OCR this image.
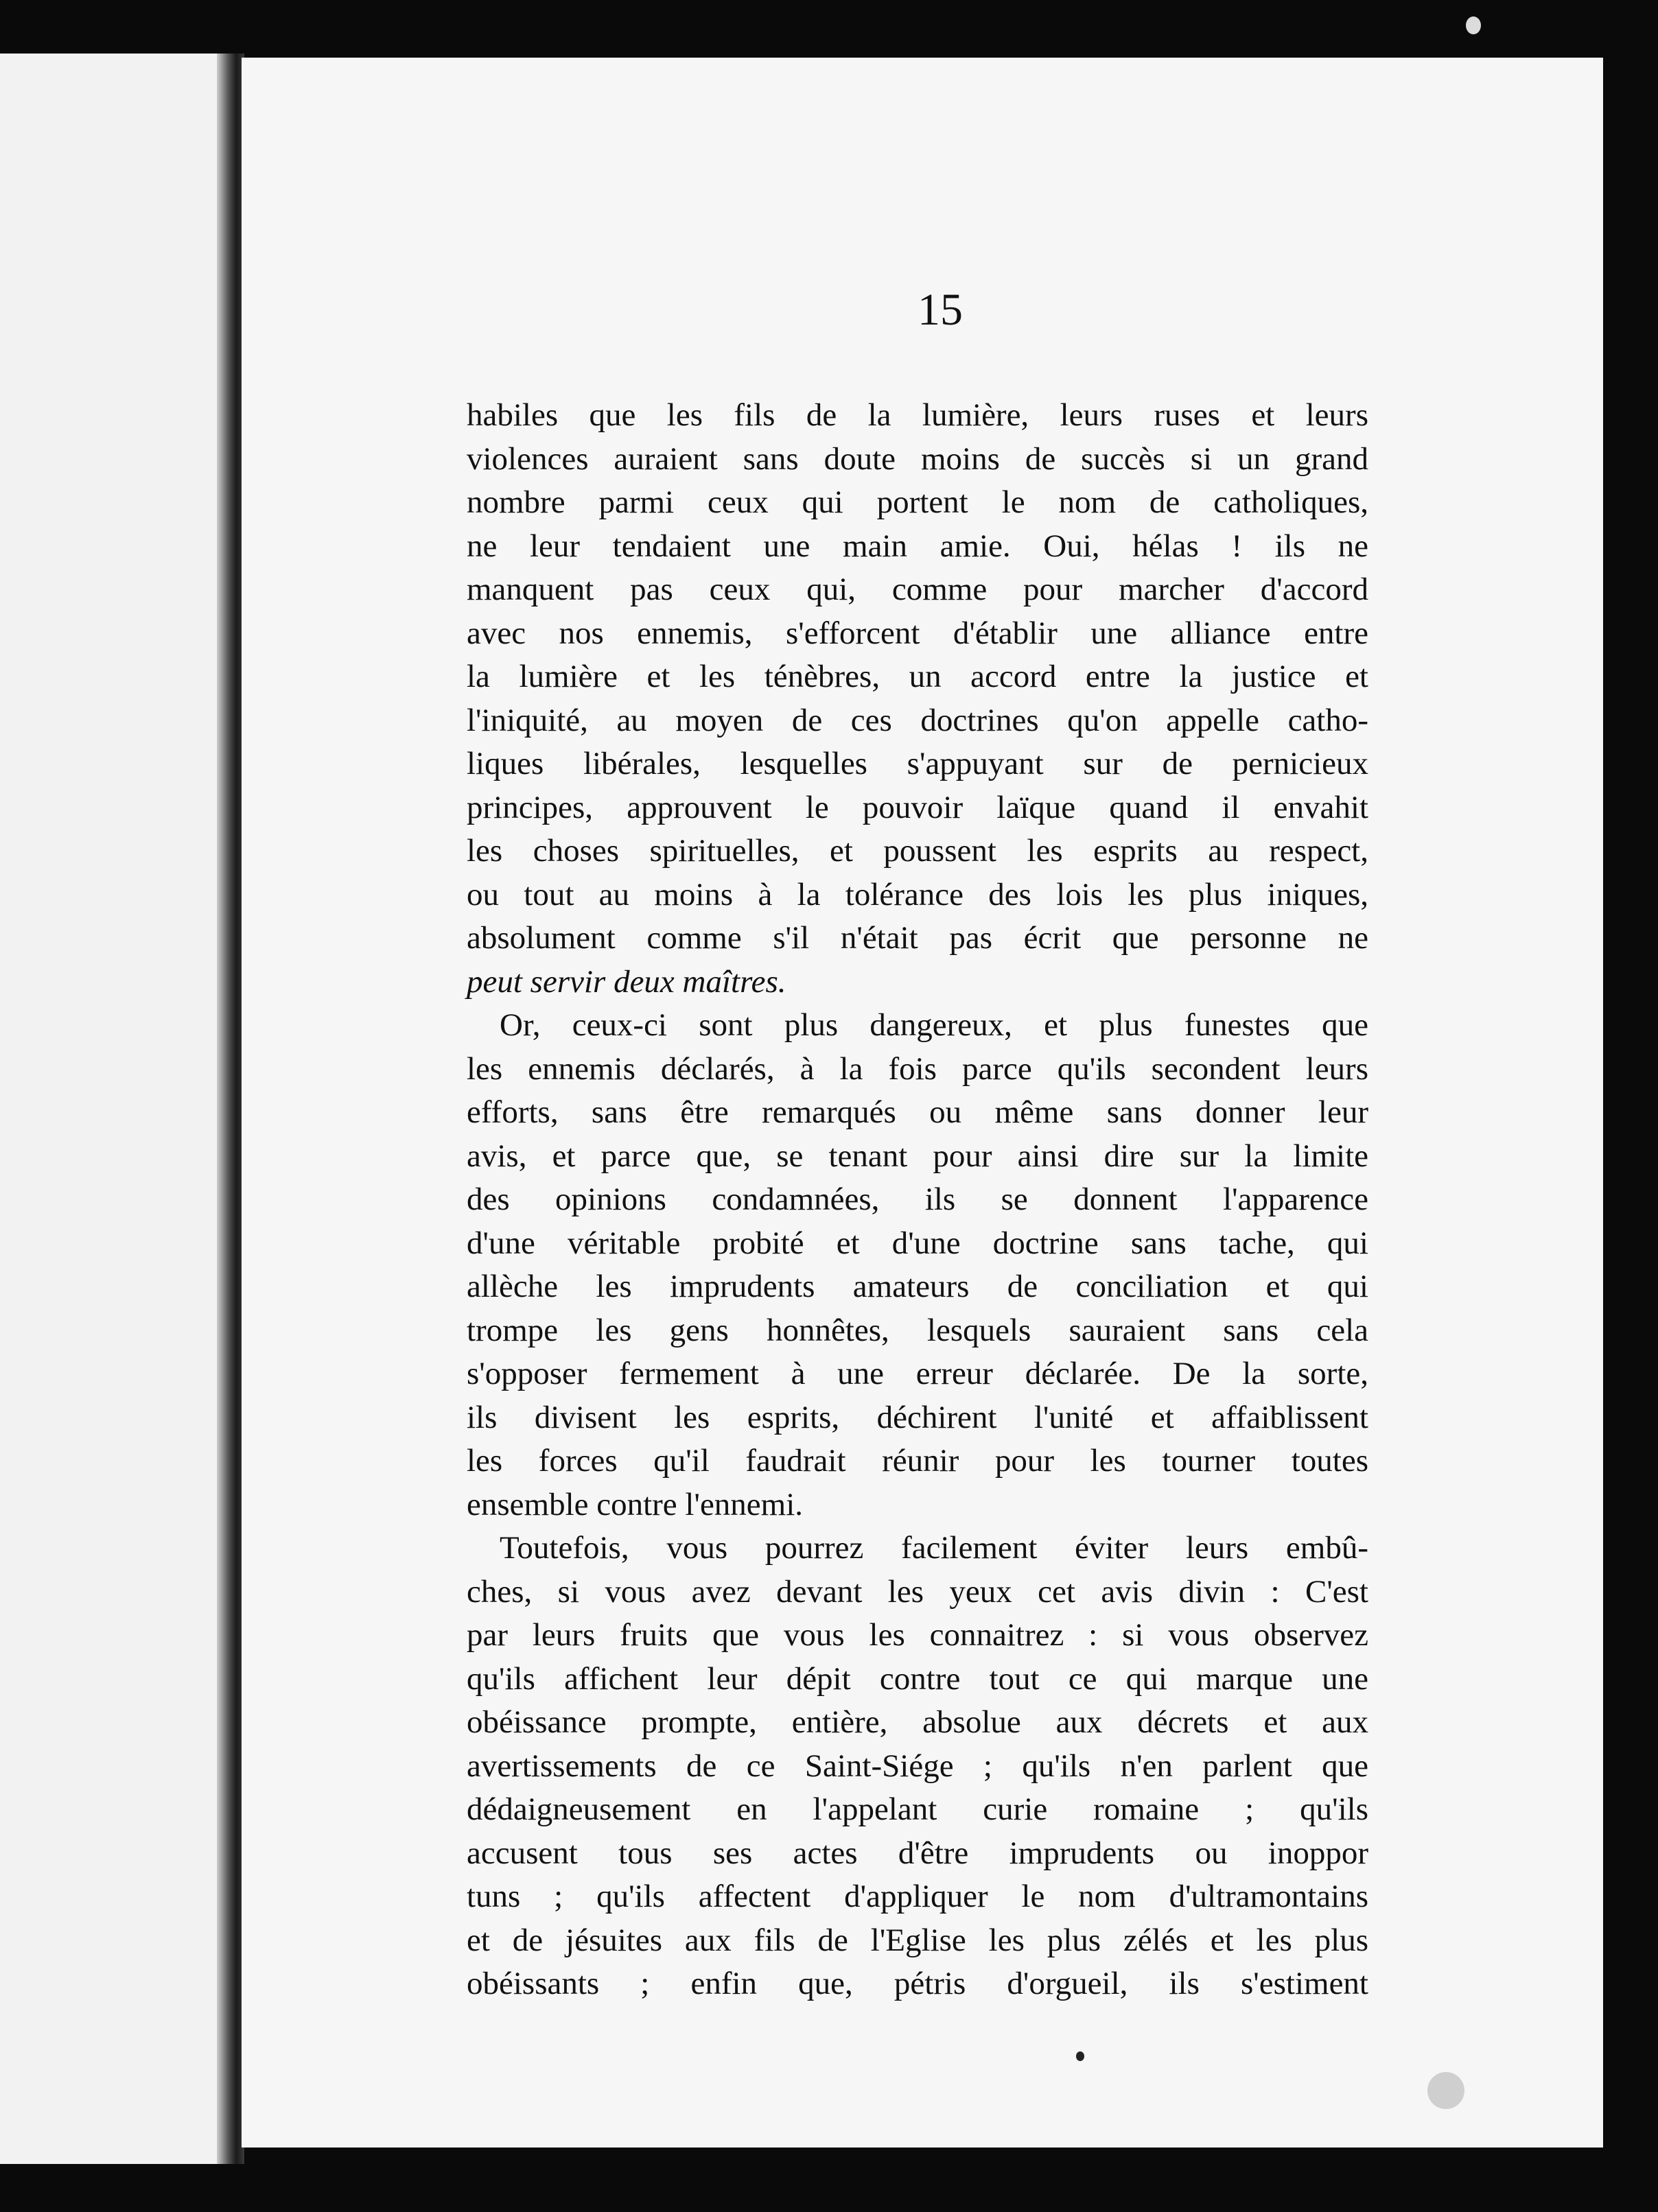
15
habiles que les fils de la lumière, leurs ruses et leurs
violences auraient sans doute moins de succès si un grand
nombre parmi ceux qui portent le nom de catholiques,
ne leur tendaient une main amie. Oui, hélas ! ils ne
manquent pas ceux qui, comme pour marcher d'accord
avec nos ennemis, s'efforcent d'établir une alliance entre
la lumière et les ténèbres, un accord entre la justice et
l'iniquité, au moyen de ces doctrines qu'on appelle catho-
liques libérales, lesquelles s'appuyant sur de pernicieux
principes, approuvent le pouvoir laïque quand il envahit
les choses spirituelles, et poussent les esprits au respect,
ou tout au moins à la tolérance des lois les plus iniques,
absolument comme s'il n'était pas écrit que personne ne
peut servir deux maîtres.
Or, ceux-ci sont plus dangereux, et plus funestes que
les ennemis déclarés, à la fois parce qu'ils secondent leurs
efforts, sans être remarqués ou même sans donner leur
avis, et parce que, se tenant pour ainsi dire sur la limite
des opinions condamnées, ils se donnent l'apparence
d'une véritable probité et d'une doctrine sans tache, qui
allèche les imprudents amateurs de conciliation et qui
trompe les gens honnêtes, lesquels sauraient sans cela
s'opposer fermement à une erreur déclarée. De la sorte,
ils divisent les esprits, déchirent l'unité et affaiblissent
les forces qu'il faudrait réunir pour les tourner toutes
ensemble contre l'ennemi.
Toutefois, vous pourrez facilement éviter leurs embû-
ches, si vous avez devant les yeux cet avis divin : C'est
par leurs fruits que vous les connaitrez : si vous observez
qu'ils affichent leur dépit contre tout ce qui marque une
obéissance prompte, entière, absolue aux décrets et aux
avertissements de ce Saint-Siége ; qu'ils n'en parlent que
dédaigneusement en l'appelant curie romaine ; qu'ils
accusent tous ses actes d'être imprudents ou inoppor
tuns ; qu'ils affectent d'appliquer le nom d'ultramontains
et de jésuites aux fils de l'Eglise les plus zélés et les plus
obéissants ; enfin que, pétris d'orgueil, ils s'estiment
